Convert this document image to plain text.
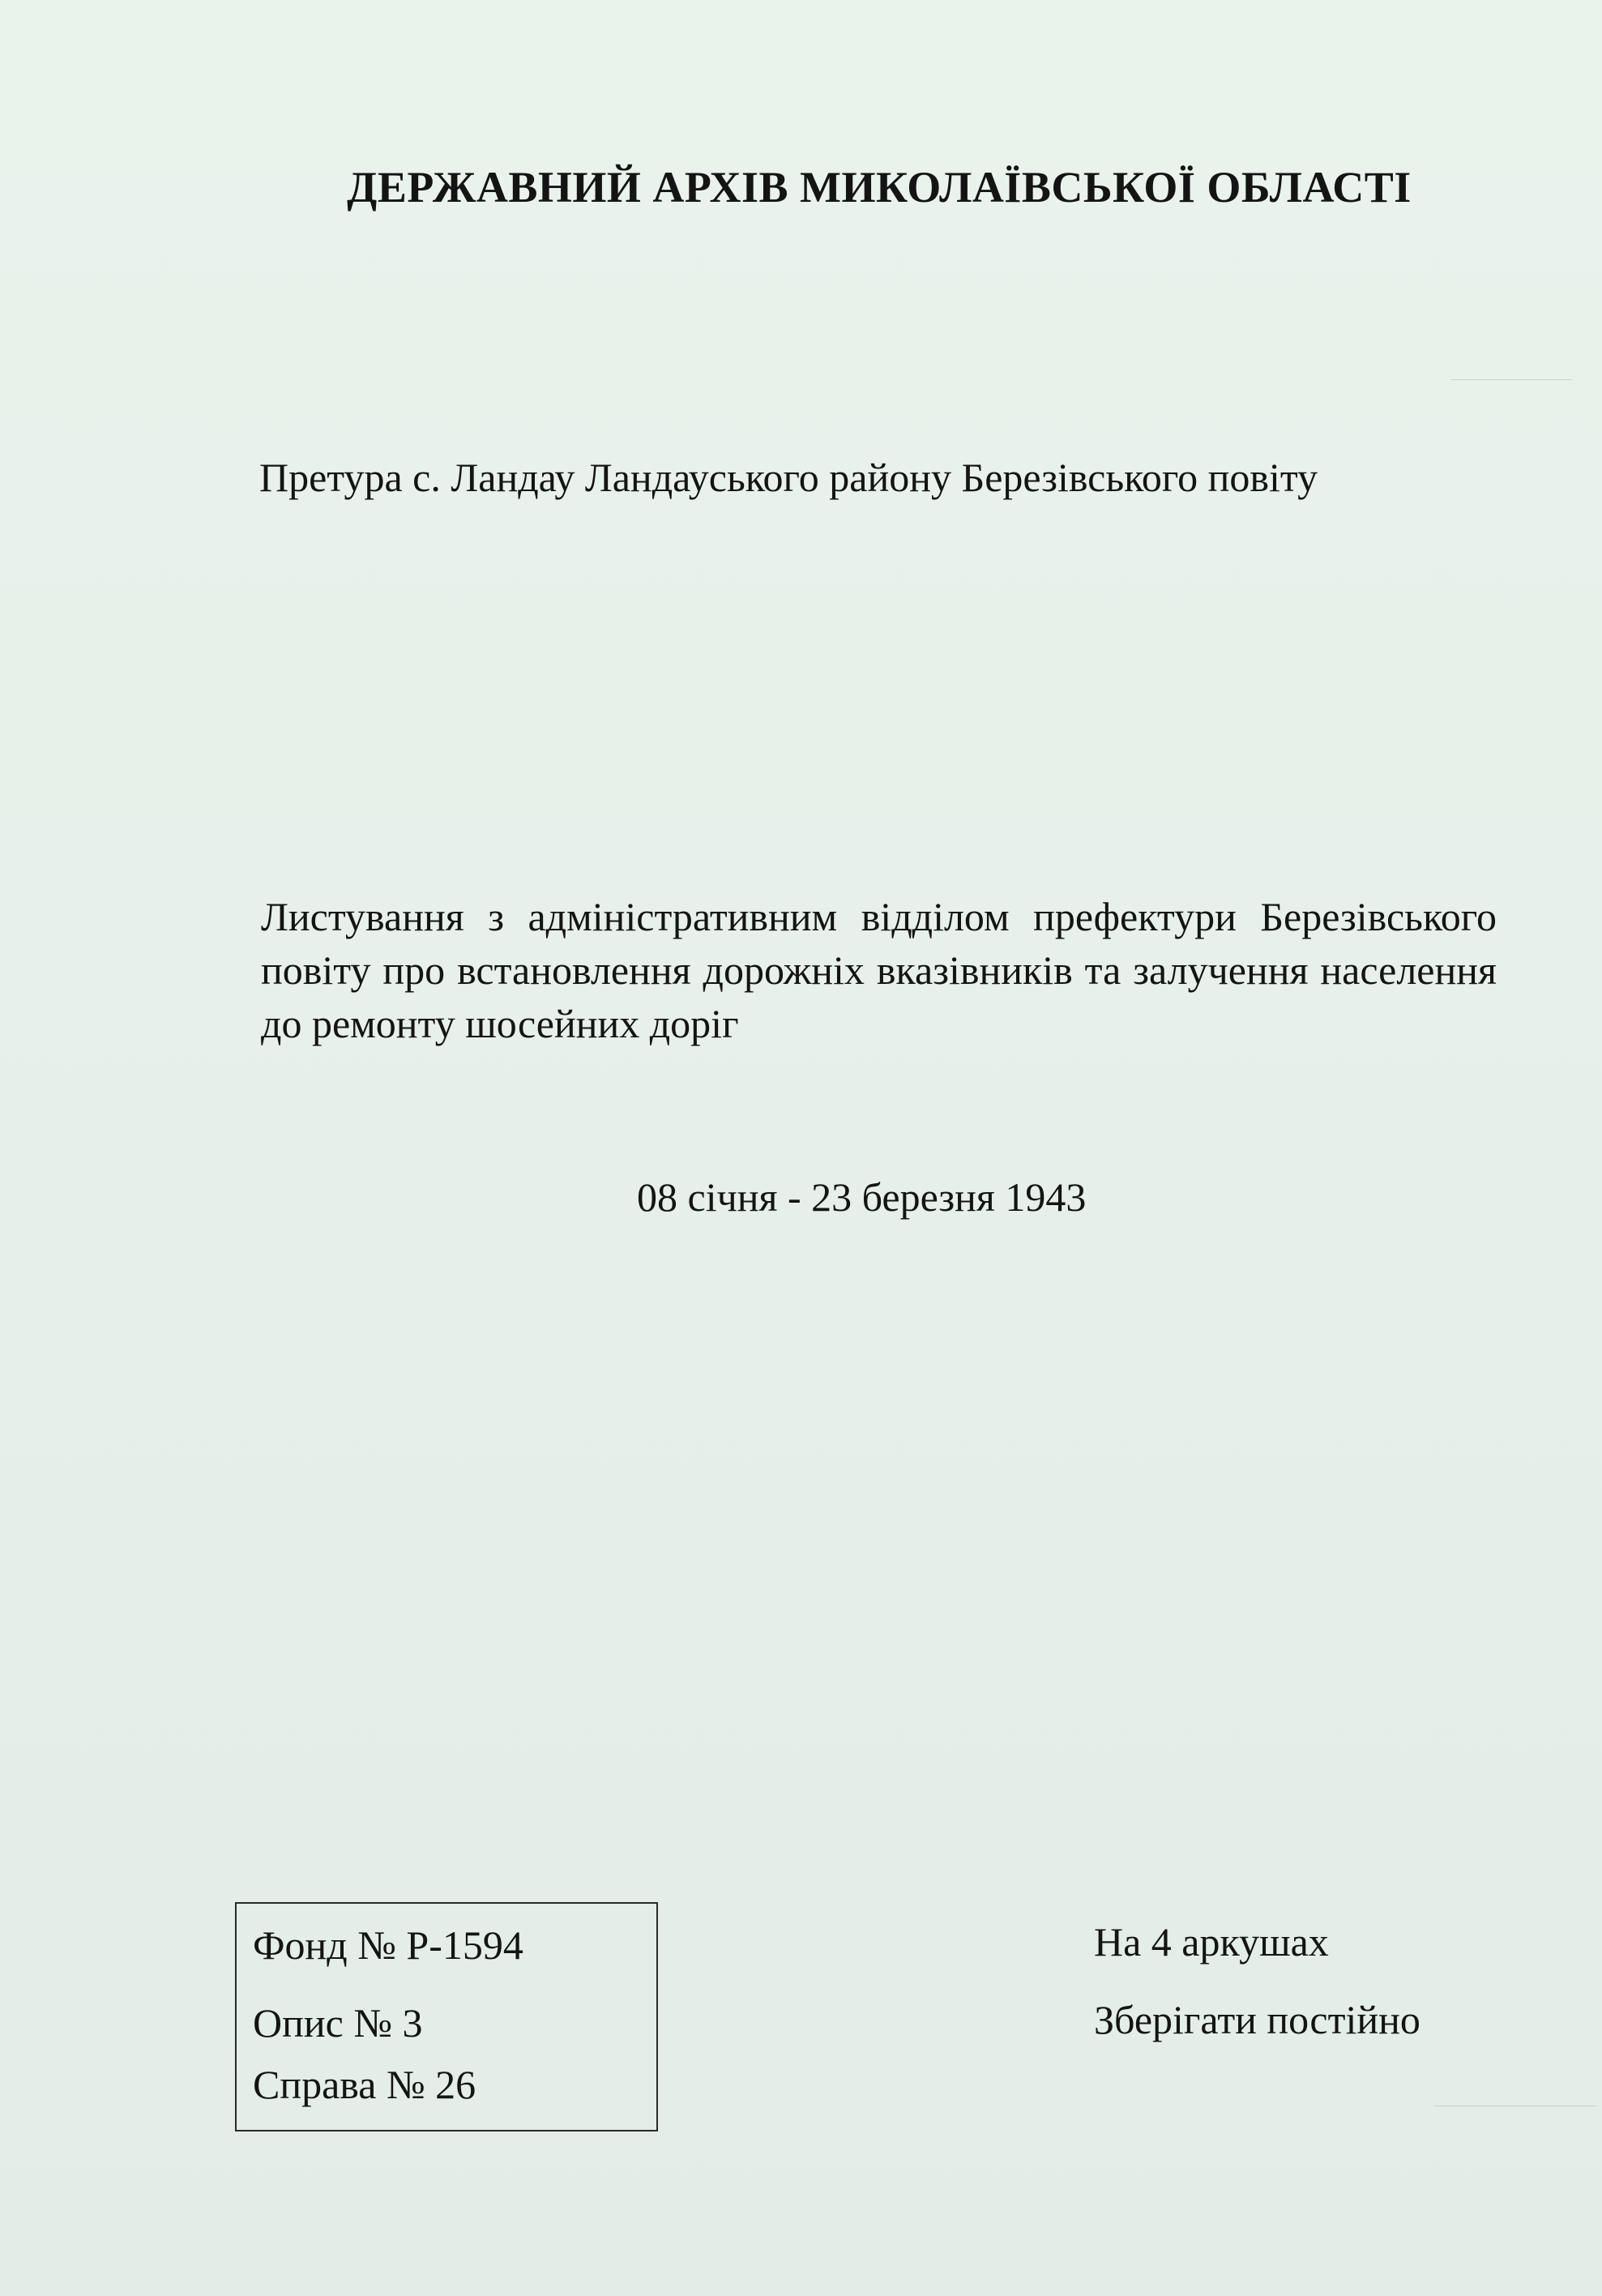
ДЕРЖАВНИЙ АРХІВ МИКОЛАЇВСЬКОЇ ОБЛАСТІ
Претура с. Ландау Ландауського району Березівського повіту
Листування з адміністративним відділом префектури Березівського повіту про встановлення дорожніх вказівників та залучення населення до ремонту шосейних доріг
08 січня - 23 березня 1943
Фонд № Р-1594
Опис № 3
Справа № 26
На 4 аркушах
Зберігати постійно
